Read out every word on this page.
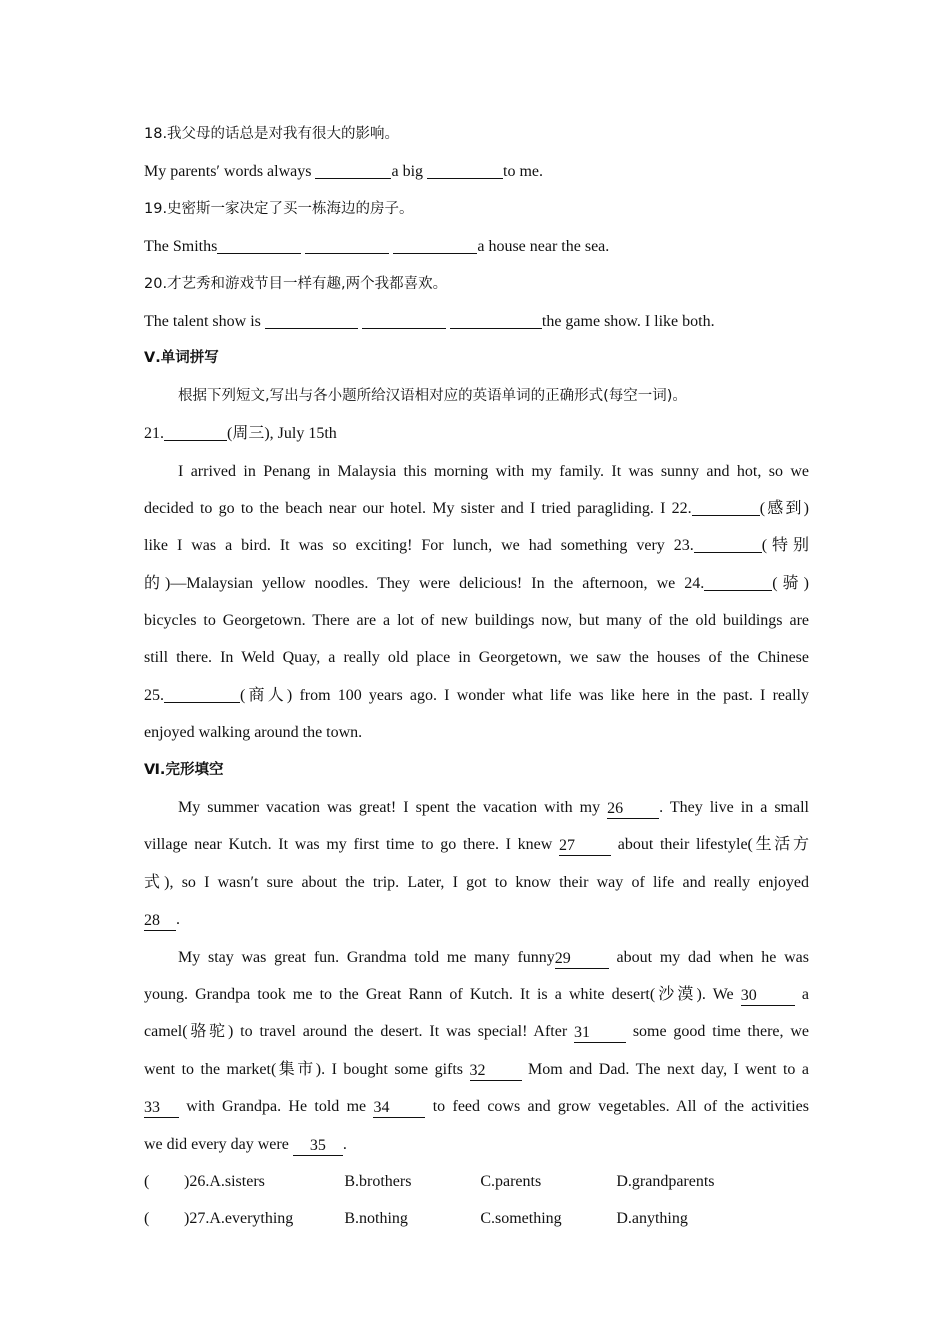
18.我父母的话总是对我有很大的影响。
My parents′ words always	a big	to me.
19.史密斯一家决定了买一栋海边的房子。
The Smiths	a house near the sea.
20.才艺秀和游戏节目一样有趣,两个我都喜欢。
The talent show is	the game show. I like both.
Ⅴ.单词拼写
根据下列短文,写出与各小题所给汉语相对应的英语单词的正确形式(每空一词)。
21.	(周三), July 15th
I arrived in Penang in Malaysia this morning with my family. It was sunny and hot, so we
decided to go to the beach near our hotel. My sister and I tried paragliding. I 22.	(感到)
like I was a bird. It was so exciting! For lunch, we had something very 23.	(特别
的)—Malaysian yellow noodles. They were delicious! In the afternoon, we 24.	(骑)
bicycles to Georgetown. There are a lot of new buildings now, but many of the old buildings are
still there. In Weld Quay, a really old place in Georgetown, we saw the houses of the Chinese
25.	(商人) from 100 years ago. I wonder what life was like here in the past. I really
enjoyed walking around the town.
Ⅵ.完形填空
My summer vacation was great! I spent the vacation with my 26 . They live in a small
village near Kutch. It was my first time to go there. I knew 27 about their lifestyle(生活方
式), so I wasn′t sure about the trip. Later, I got to know their way of life and really enjoyed
28 .
My stay was great fun. Grandma told me many funny29 about my dad when he was
young. Grandpa took me to the Great Rann of Kutch. It is a white desert(沙漠). We 30 a
camel(骆驼) to travel around the desert. It was special! After 31 some good time there, we
went to the market(集市). I bought some gifts 32 Mom and Dad. The next day, I went to a
33 with Grandpa. He told me 34 to feed cows and grow vegetables. All of the activities
we did every day were 35 .
( )26.A.sisters	B.brothers	C.parents	D.grandparents
( )27.A.everything	B.nothing	C.something	D.anything
